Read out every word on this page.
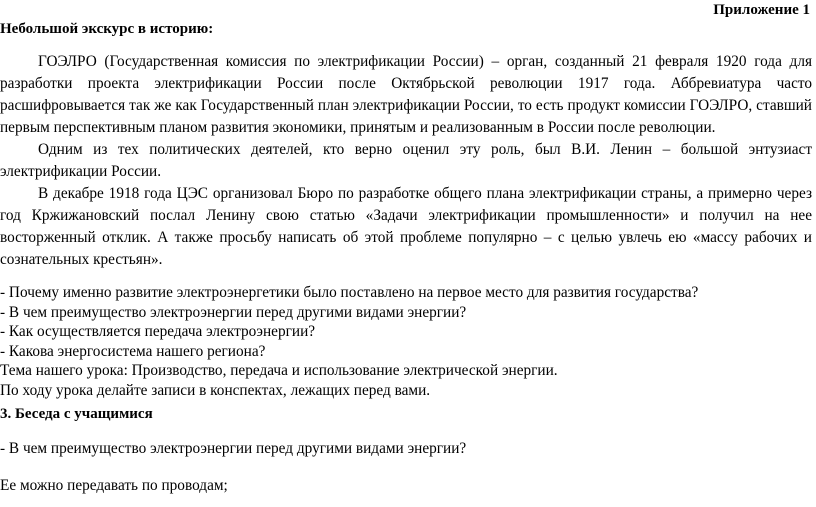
Приложение 1
Небольшой экскурс в историю:

ГОЭЛРО (Государственная комиссия по электрификации России) – орган, созданный 21 февраля 1920 года для разработки проекта электрификации России после Октябрьской революции 1917 года. Аббревиатура часто расшифровывается так же как Государственный план электрификации России, то есть продукт комиссии ГОЭЛРО, ставший первым перспективным планом развития экономики, принятым и реализованным в России после революции.

Одним из тех политических деятелей, кто верно оценил эту роль, был В.И. Ленин – большой энтузиаст электрификации России.

В декабре 1918 года ЦЭС организовал Бюро по разработке общего плана электрификации страны, а примерно через год Кржижановский послал Ленину свою статью «Задачи электрификации промышленности» и получил на нее восторженный отклик. А также просьбу написать об этой проблеме популярно – с целью увлечь ею «массу рабочих и сознательных крестьян».

- Почему именно развитие электроэнергетики было поставлено на первое место для развития государства?
- В чем преимущество электроэнергии перед другими видами энергии?
- Как осуществляется передача электроэнергии?
- Какова энергосистема нашего региона?
Тема нашего урока: Производство, передача и использование электрической энергии.
По ходу урока делайте записи в конспектах, лежащих перед вами.
3. Беседа с учащимися
- В чем преимущество электроэнергии перед другими видами энергии?
Ее можно передавать по проводам;
